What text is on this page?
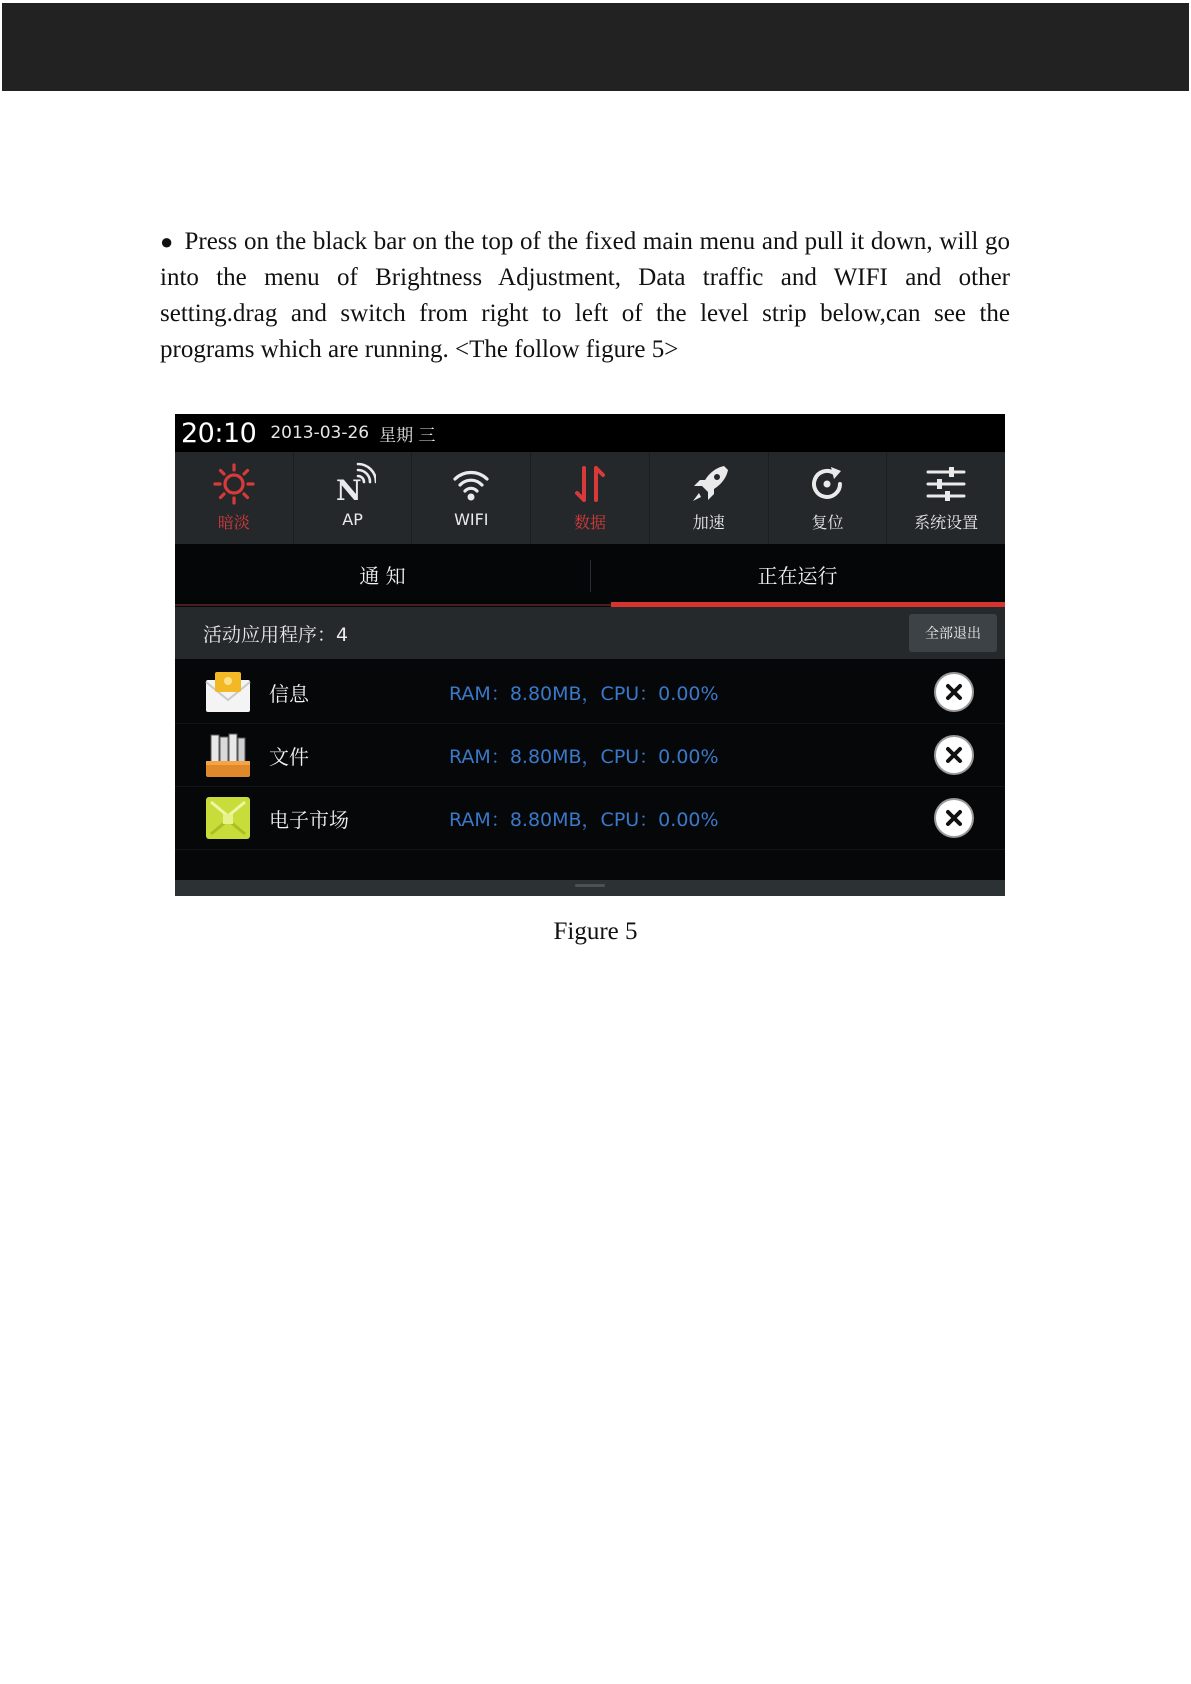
● Press on the black bar on the top of the fixed main menu and pull it down, will go into the menu of Brightness Adjustment, Data traffic and WIFI and other setting.drag and switch from right to left of the level strip below,can see the programs which are running. <The follow figure 5>
20:10 2013-03-26 星期 三
暗淡
N
AP	WIFI	数据	加速	复位	系统设置
通 知	正在运行
活动应用程序：4	全部退出
信息	RAM：8.80MB，CPU：0.00%
文件	RAM：8.80MB，CPU：0.00%
电子市场	RAM：8.80MB，CPU：0.00%
Figure 5
